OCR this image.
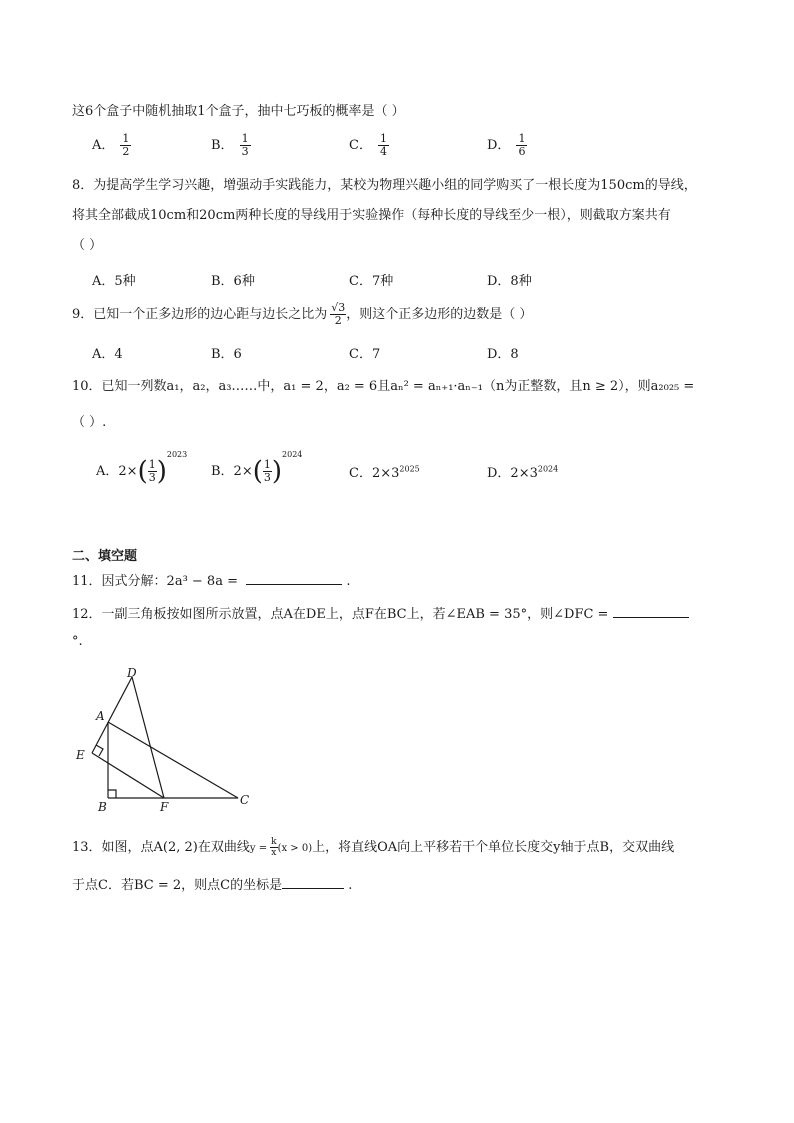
这6个盒子中随机抽取1个盒子，抽中七巧板的概率是（ ）
A． $\frac{1}{2}$	B． $\frac{1}{3}$	C． $\frac{1}{4}$	D． $\frac{1}{6}$
8．为提高学生学习兴趣，增强动手实践能力，某校为物理兴趣小组的同学购买了一根长度为150cm的导线，
将其全部截成10cm和20cm两种长度的导线用于实验操作（每种长度的导线至少一根），则截取方案共有
（ ）
A．5种	B．6种	C．7种	D．8种
9．已知一个正多边形的边心距与边长之比为 $\frac{√3}{2}$ ，则这个正多边形的边数是（ ）
A．4	B．6	C．7	D．8
10．已知一列数a₁，a₂，a₃……中，a₁ = 2，a₂ = 6且aₙ² = aₙ₊₁·aₙ₋₁（n为正整数，且n ≥ 2），则a₂₀₂₅ =
（ ）.
A．$2\times( \frac{1}{3} )^{2023}$
B．$2\times( \frac{1}{3} )^{2024}$
C．$2\times 3^{2025}$	D．$2\times 3^{2024}$
二、填空题
11．因式分解：2a³ − 8a =	.
12．一副三角板按如图所示放置，点A在DE上，点F在BC上，若∠EAB = 35°，则∠DFC =
°.
D
A
E
B	F	C
13．如图，点A(2, 2)在双曲线$y = \frac{k}{x} (x > 0)$上，将直线OA向上平移若干个单位长度交y轴于点B，交双曲线
于点C．若BC = 2，则点C的坐标是	.
